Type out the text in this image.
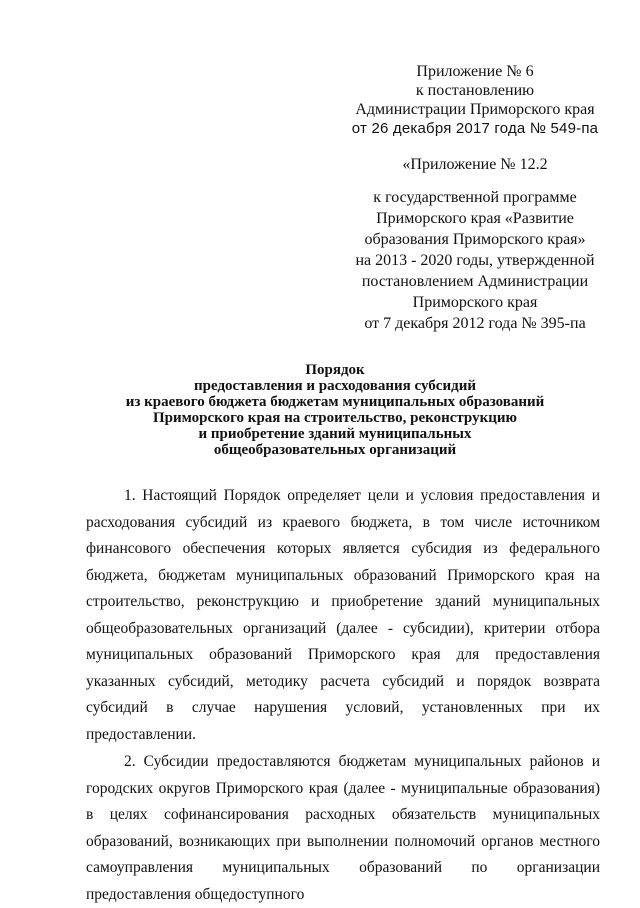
Приложение № 6
к постановлению
Администрации Приморского края
от 26 декабря 2017 года № 549-па
«Приложение № 12.2
к государственной программе
Приморского края «Развитие
образования Приморского края»
на 2013 - 2020 годы, утвержденной
постановлением Администрации
Приморского края
от 7 декабря 2012 года № 395-па
Порядок
предоставления и расходования субсидий
из краевого бюджета бюджетам муниципальных образований
Приморского края на строительство, реконструкцию
и приобретение зданий муниципальных
общеобразовательных организаций

1. Настоящий Порядок определяет цели и условия предоставления и расходования субсидий из краевого бюджета, в том числе источником финансового обеспечения которых является субсидия из федерального бюджета, бюджетам муниципальных образований Приморского края на строительство, реконструкцию и приобретение зданий муниципальных общеобразовательных организаций (далее - субсидии), критерии отбора муниципальных образований Приморского края для предоставления указанных субсидий, методику расчета субсидий и порядок возврата субсидий в случае нарушения условий, установленных при их предоставлении.

2. Субсидии предоставляются бюджетам муниципальных районов и городских округов Приморского края (далее - муниципальные образования) в целях софинансирования расходных обязательств муниципальных образований, возникающих при выполнении полномочий органов местного самоуправления муниципальных образований по организации предоставления общедоступного
